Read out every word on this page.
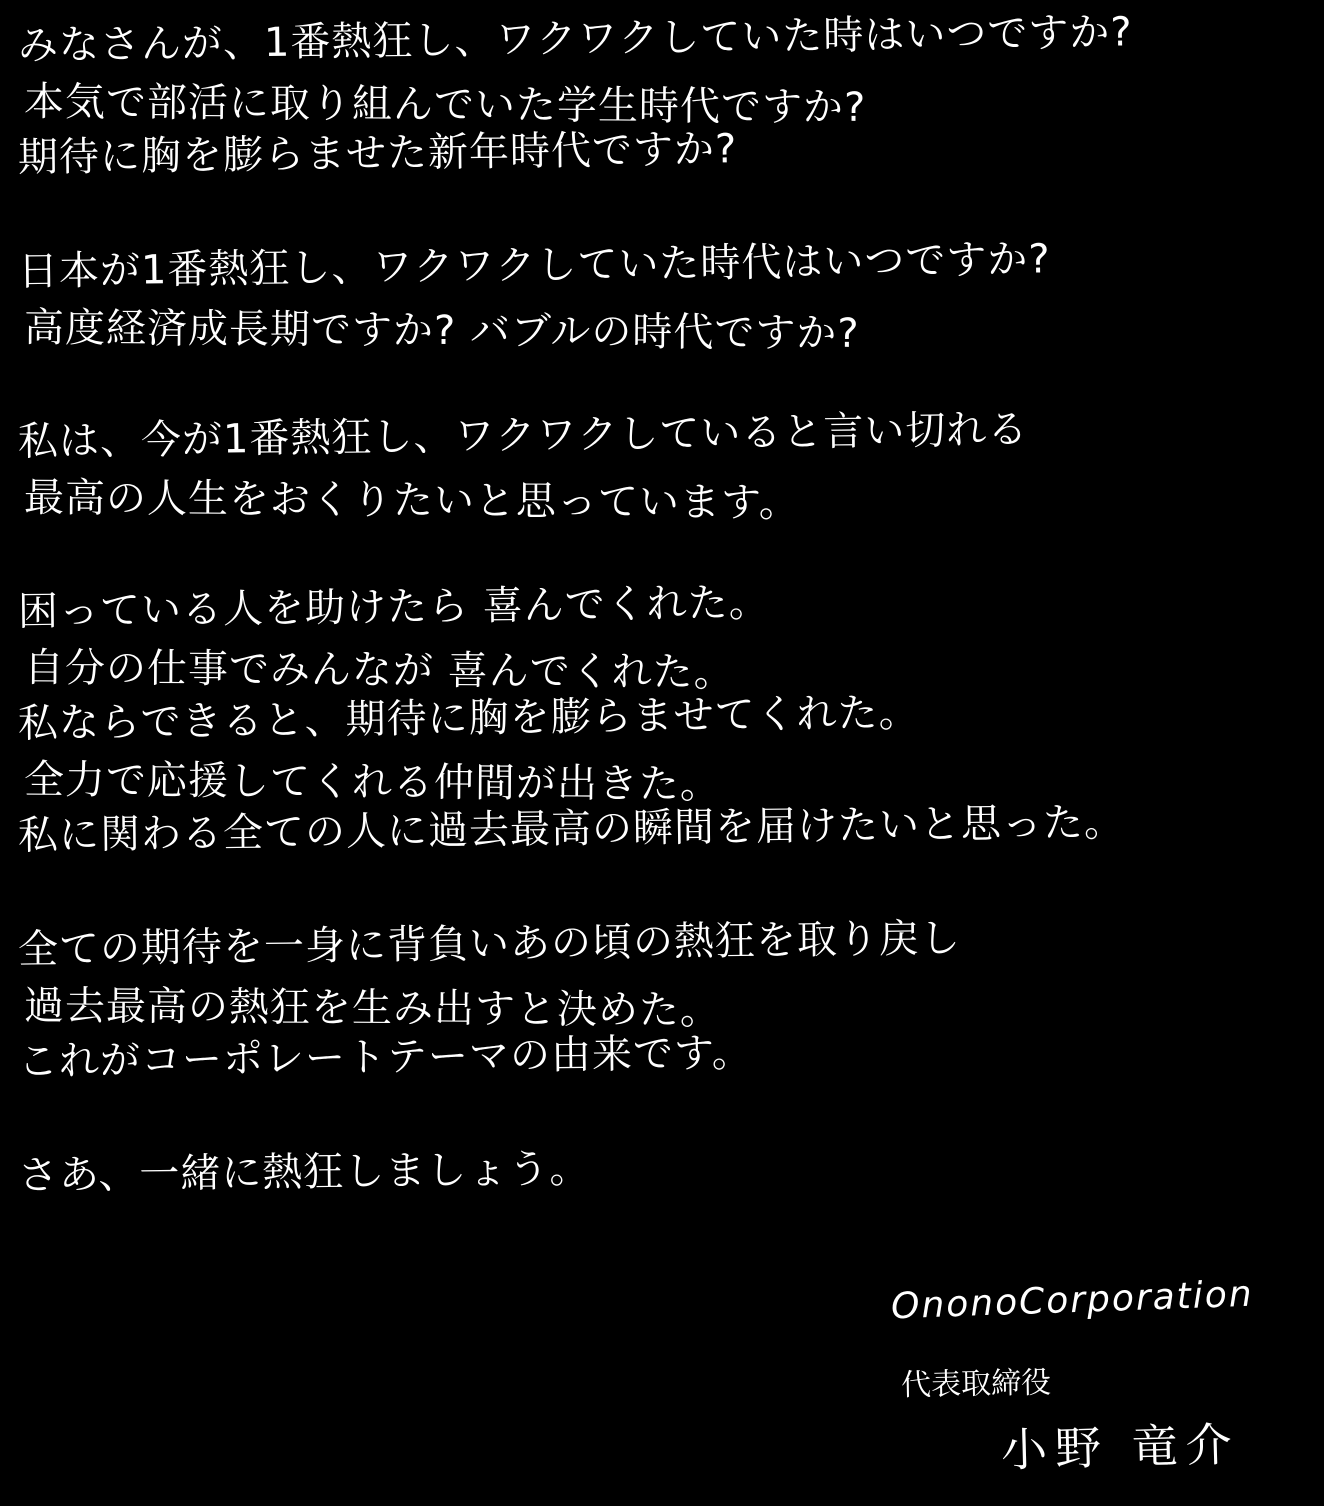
みなさんが、1番熱狂し、ワクワクしていた時はいつですか?
本気で部活に取り組んでいた学生時代ですか?
期待に胸を膨らませた新年時代ですか?
日本が1番熱狂し、ワクワクしていた時代はいつですか?
高度経済成長期ですか? バブルの時代ですか?
私は、今が1番熱狂し、ワクワクしていると言い切れる
最高の人生をおくりたいと思っています。
困っている人を助けたら 喜んでくれた。
自分の仕事でみんなが 喜んでくれた。
私ならできると、期待に胸を膨らませてくれた。
全力で応援してくれる仲間が出きた。
私に関わる全ての人に過去最高の瞬間を届けたいと思った。
全ての期待を一身に背負いあの頃の熱狂を取り戻し
過去最高の熱狂を生み出すと決めた。
これがコーポレートテーマの由来です。
さあ、一緒に熱狂しましょう。
OnonoCorporation
代表取締役
小野 竜介
